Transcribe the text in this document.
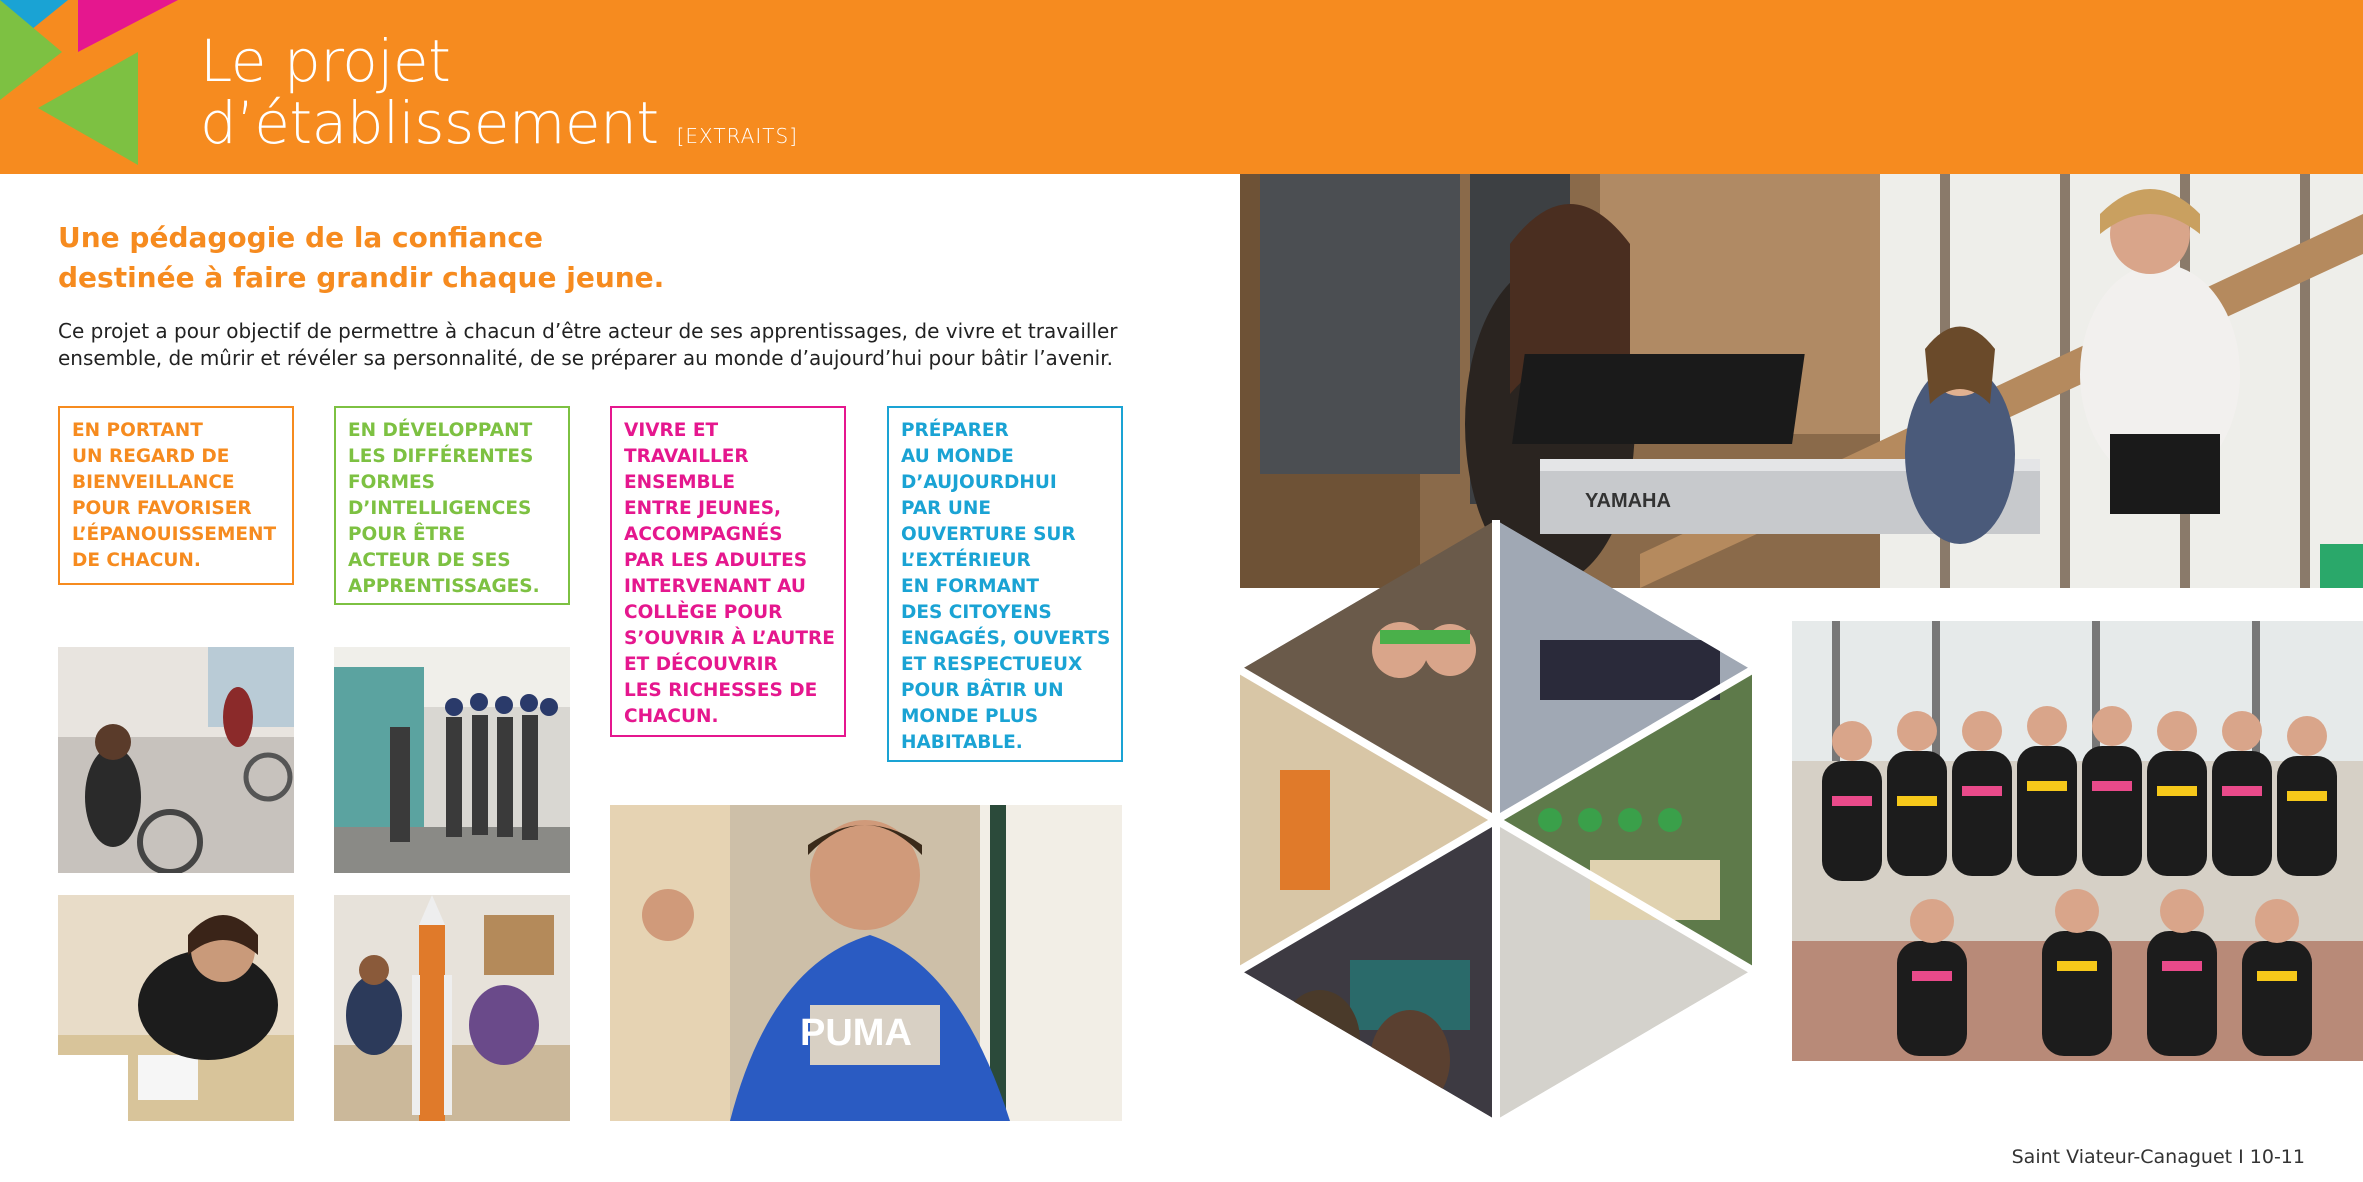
Le projet
d’établissement [EXTRAITS]
Une pédagogie de la confiance
destinée à faire grandir chaque jeune.
Ce projet a pour objectif de permettre à chacun d’être acteur de ses apprentissages, de vivre et travailler ensemble, de mûrir et révéler sa personnalité, de se préparer au monde d’aujourd’hui pour bâtir l’avenir.
EN PORTANT
UN REGARD DE
BIENVEILLANCE
POUR FAVORISER
L’ÉPANOUISSEMENT
DE CHACUN.
EN DÉVELOPPANT
LES DIFFÉRENTES
FORMES
D’INTELLIGENCES
POUR ÊTRE
ACTEUR DE SES
APPRENTISSAGES.
VIVRE ET
TRAVAILLER
ENSEMBLE
ENTRE JEUNES,
ACCOMPAGNÉS
PAR LES ADULTES
INTERVENANT AU
COLLÈGE POUR
S’OUVRIR À L’AUTRE
ET DÉCOUVRIR
LES RICHESSES DE
CHACUN.
PRÉPARER
AU MONDE
D’AUJOURDHUI
PAR UNE
OUVERTURE SUR
L’EXTÉRIEUR
EN FORMANT
DES CITOYENS
ENGAGÉS, OUVERTS
ET RESPECTUEUX
POUR BÂTIR UN
MONDE PLUS
HABITABLE.
PUMA
YAMAHA
Saint Viateur-Canaguet I 10-11
